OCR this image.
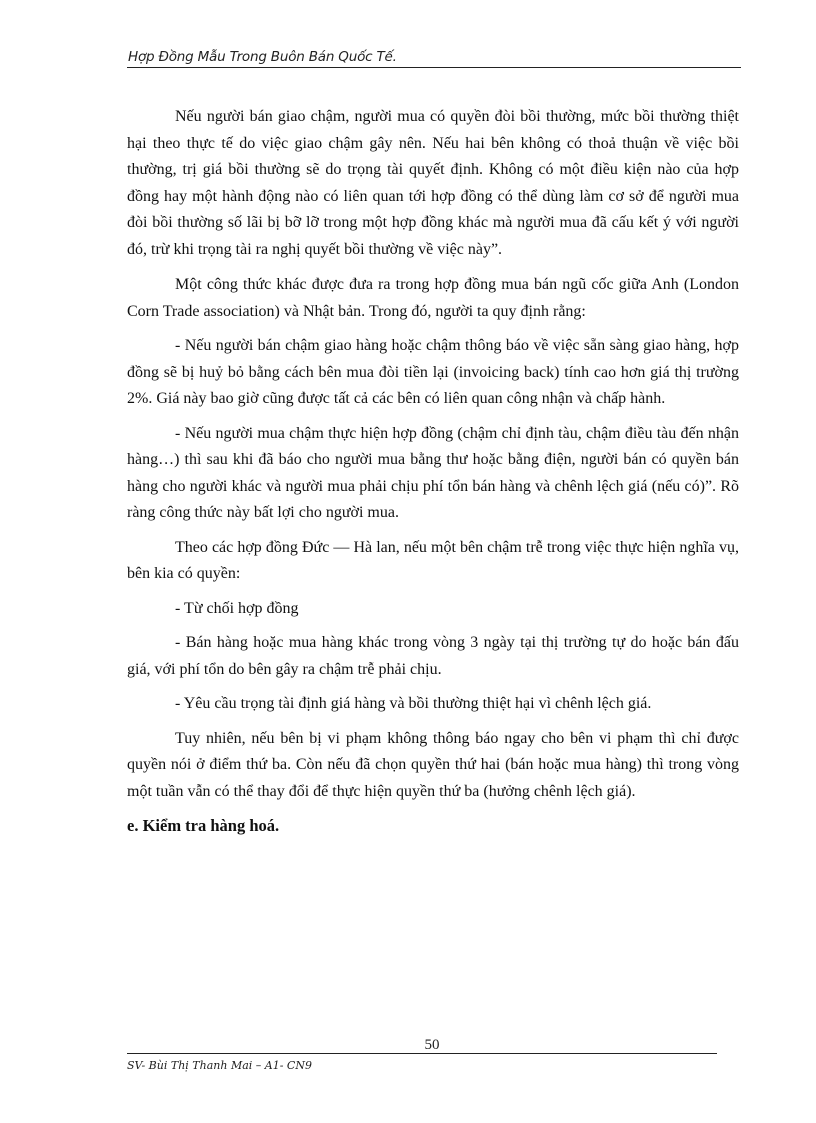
Hợp Đồng Mẫu Trong Buôn Bán Quốc Tế.

Nếu người bán giao chậm, người mua có quyền đòi bồi thường, mức bồi thường thiệt hại theo thực tế do việc giao chậm gây nên. Nếu hai bên không có thoả thuận về việc bồi thường, trị giá bồi thường sẽ do trọng tài quyết định. Không có một điều kiện nào của hợp đồng hay một hành động nào có liên quan tới hợp đồng có thể dùng làm cơ sở để người mua đòi bồi thường số lãi bị bỡ lỡ trong một hợp đồng khác mà người mua đã cấu kết ý với người đó, trừ khi trọng tài ra nghị quyết bồi thường về việc này”.

Một công thức khác được đưa ra trong hợp đồng mua bán ngũ cốc giữa Anh (London Corn Trade association) và Nhật bản. Trong đó, người ta quy định rằng:

- Nếu người bán chậm giao hàng hoặc chậm thông báo về việc sẵn sàng giao hàng, hợp đồng sẽ bị huỷ bỏ bằng cách bên mua đòi tiền lại (invoicing back) tính cao hơn giá thị trường 2%. Giá này bao giờ cũng được tất cả các bên có liên quan công nhận và chấp hành.

- Nếu người mua chậm thực hiện hợp đồng (chậm chỉ định tàu, chậm điều tàu đến nhận hàng…) thì sau khi đã báo cho người mua bằng thư hoặc bằng điện, người bán có quyền bán hàng cho người khác và người mua phải chịu phí tổn bán hàng và chênh lệch giá (nếu có)”. Rõ ràng công thức này bất lợi cho người mua.

Theo các hợp đồng Đức — Hà lan, nếu một bên chậm trễ trong việc thực hiện nghĩa vụ, bên kia có quyền:

- Từ chối hợp đồng

- Bán hàng hoặc mua hàng khác trong vòng 3 ngày tại thị trường tự do hoặc bán đấu giá, với phí tổn do bên gây ra chậm trễ phải chịu.

- Yêu cầu trọng tài định giá hàng và bồi thường thiệt hại vì chênh lệch giá.

Tuy nhiên, nếu bên bị vi phạm không thông báo ngay cho bên vi phạm thì chỉ được quyền nói ở điểm thứ ba. Còn nếu đã chọn quyền thứ hai (bán hoặc mua hàng) thì trong vòng một tuần vẫn có thể thay đổi để thực hiện quyền thứ ba (hưởng chênh lệch giá).

e. Kiểm tra hàng hoá.
50
SV- Bùi Thị Thanh Mai – A1- CN9
